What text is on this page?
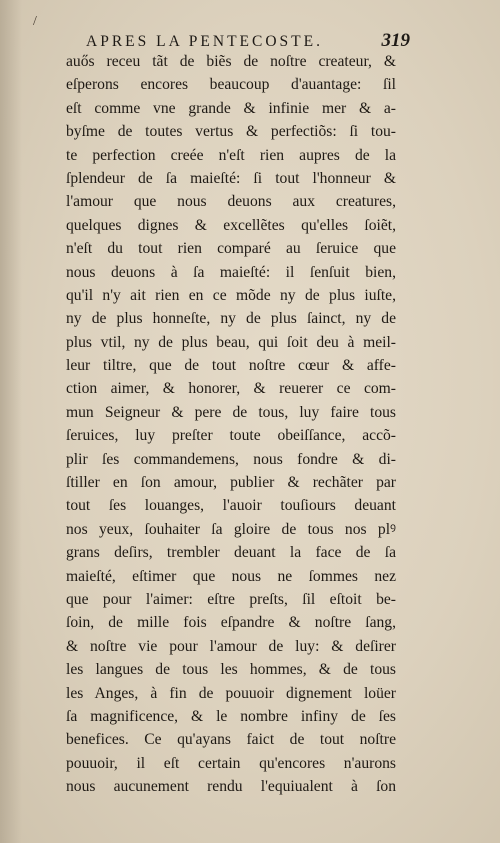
/
APRES LA PENTECOSTE.	319
auős receu tãt de biẽs de noſtre createur, &
eſperons encores beaucoup d'auantage: ſil
eſt comme vne grande & infinie mer & a-
byſme de toutes vertus & perfectiõs: ſi tou-
te perfection creée n'eſt rien aupres de la
ſplendeur de ſa maieſté: ſi tout l'honneur &
l'amour que nous deuons aux creatures,
quelques dignes & excellẽtes qu'elles ſoiẽt,
n'eſt du tout rien comparé au ſeruice que
nous deuons à ſa maieſté: il ſenſuit bien,
qu'il n'y ait rien en ce mõde ny de plus iuſte,
ny de plus honneſte, ny de plus ſainct, ny de
plus vtil, ny de plus beau, qui ſoit deu à meil-
leur tiltre, que de tout noſtre cœur & affe-
ction aimer, & honorer, & reuerer ce com-
mun Seigneur & pere de tous, luy faire tous
ſeruices, luy preſter toute obeiſſance, accõ-
plir ſes commandemens, nous fondre & di-
ſtiller en ſon amour, publier & rechãter par
tout ſes louanges, l'auoir touſiours deuant
nos yeux, ſouhaiter ſa gloire de tous nos plꝰ
grans deſirs, trembler deuant la face de ſa
maieſté, eſtimer que nous ne ſommes nez
que pour l'aimer: eſtre preſts, ſil eſtoit be-
ſoin, de mille fois eſpandre & noſtre ſang,
& noſtre vie pour l'amour de luy: & deſirer
les langues de tous les hommes, & de tous
les Anges, à fin de pouuoir dignement loüer
ſa magnificence, & le nombre infiny de ſes
benefices. Ce qu'ayans faict de tout noſtre
pouuoir, il eſt certain qu'encores n'aurons
nous aucunement rendu l'equiualent à ſon
